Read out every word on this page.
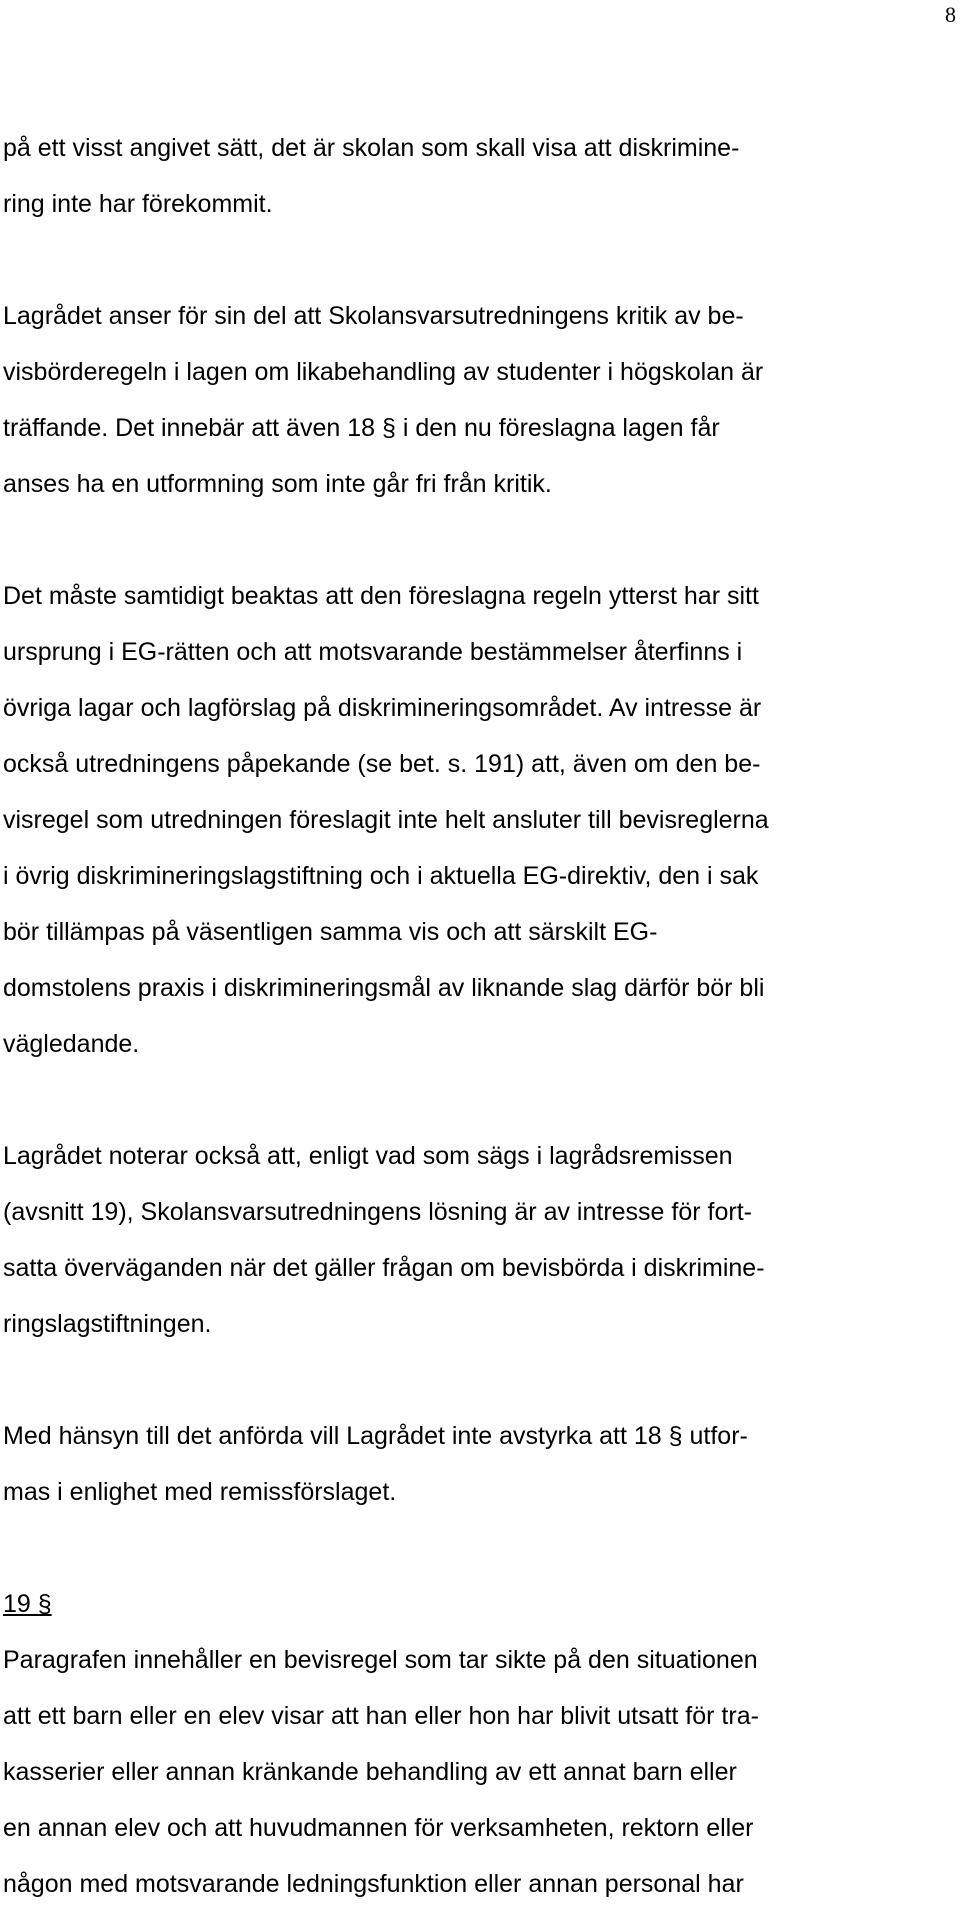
8
på ett visst angivet sätt, det är skolan som skall visa att diskrimine-
ring inte har förekommit.
Lagrådet anser för sin del att Skolansvarsutredningens kritik av be-
visbörderegeln i lagen om likabehandling av studenter i högskolan är
träffande. Det innebär att även 18 § i den nu föreslagna lagen får
anses ha en utformning som inte går fri från kritik.
Det måste samtidigt beaktas att den föreslagna regeln ytterst har sitt
ursprung i EG-rätten och att motsvarande bestämmelser återfinns i
övriga lagar och lagförslag på diskrimineringsområdet. Av intresse är
också utredningens påpekande (se bet. s. 191) att, även om den be-
visregel som utredningen föreslagit inte helt ansluter till bevisreglerna
i övrig diskrimineringslagstiftning och i aktuella EG-direktiv, den i sak
bör tillämpas på väsentligen samma vis och att särskilt EG-
domstolens praxis i diskrimineringsmål av liknande slag därför bör bli
vägledande.
Lagrådet noterar också att, enligt vad som sägs i lagrådsremissen
(avsnitt 19), Skolansvarsutredningens lösning är av intresse för fort-
satta överväganden när det gäller frågan om bevisbörda i diskrimine-
ringslagstiftningen.
Med hänsyn till det anförda vill Lagrådet inte avstyrka att 18 § utfor-
mas i enlighet med remissförslaget.
19 §
Paragrafen innehåller en bevisregel som tar sikte på den situationen
att ett barn eller en elev visar att han eller hon har blivit utsatt för tra-
kasserier eller annan kränkande behandling av ett annat barn eller
en annan elev och att huvudmannen för verksamheten, rektorn eller
någon med motsvarande ledningsfunktion eller annan personal har
